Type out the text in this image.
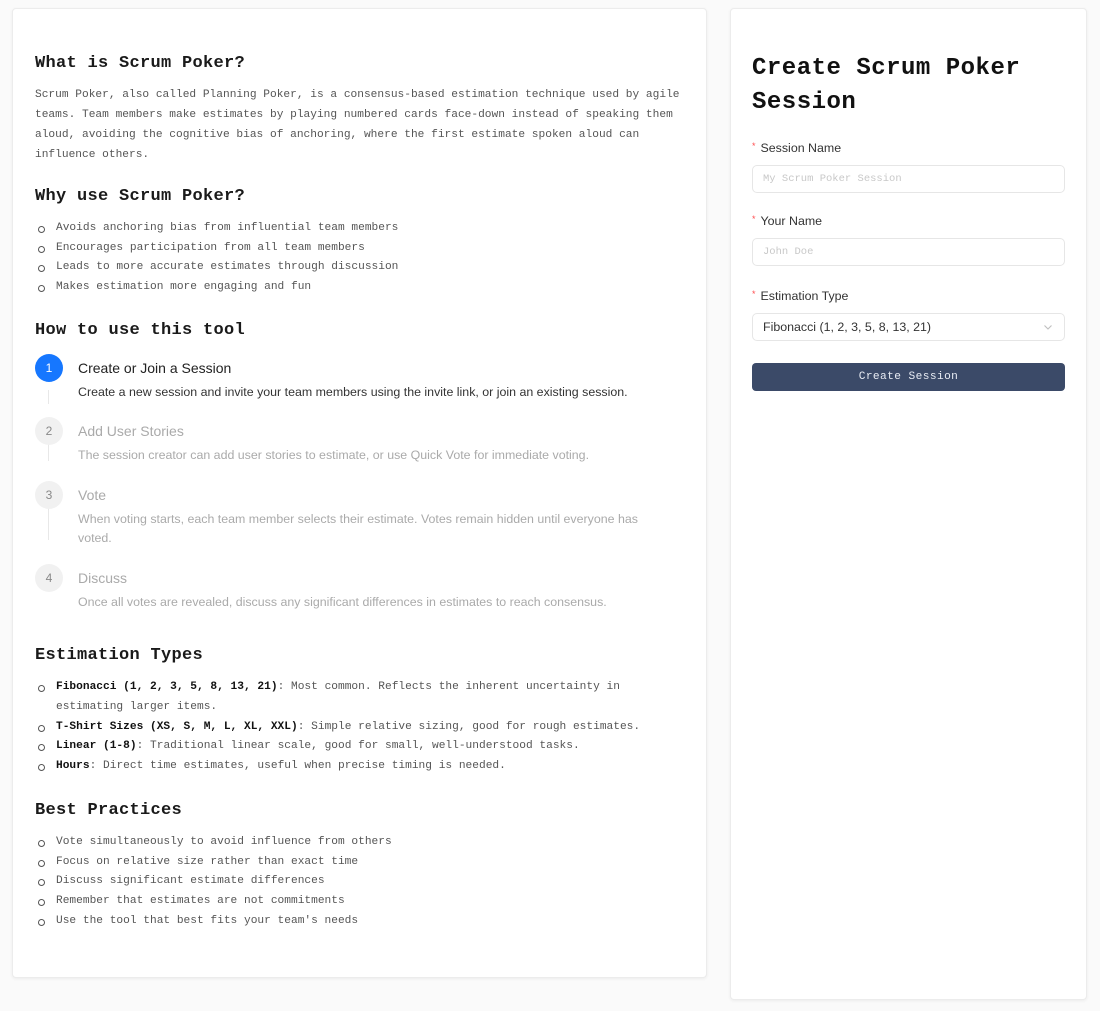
What is Scrum Poker?

Scrum Poker, also called Planning Poker, is a consensus-based estimation technique used by agile teams. Team members make estimates by playing numbered cards face-down instead of speaking them aloud, avoiding the cognitive bias of anchoring, where the first estimate spoken aloud can influence others.

Why use Scrum Poker?
Avoids anchoring bias from influential team members
Encourages participation from all team members
Leads to more accurate estimates through discussion
Makes estimation more engaging and fun
How to use this tool
1	Create or Join a Session
Create a new session and invite your team members using the invite link, or join an existing session.
2	Add User Stories
The session creator can add user stories to estimate, or use Quick Vote for immediate voting.
3	Vote
When voting starts, each team member selects their estimate. Votes remain hidden until everyone has voted.
4	Discuss
Once all votes are revealed, discuss any significant differences in estimates to reach consensus.
Estimation Types
Fibonacci (1, 2, 3, 5, 8, 13, 21): Most common. Reflects the inherent uncertainty in estimating larger items.
T-Shirt Sizes (XS, S, M, L, XL, XXL): Simple relative sizing, good for rough estimates.
Linear (1-8): Traditional linear scale, good for small, well-understood tasks.
Hours: Direct time estimates, useful when precise timing is needed.
Best Practices
Vote simultaneously to avoid influence from others
Focus on relative size rather than exact time
Discuss significant estimate differences
Remember that estimates are not commitments
Use the tool that best fits your team's needs
Create Scrum Poker Session
* Session Name
My Scrum Poker Session
* Your Name
John Doe
* Estimation Type
Fibonacci (1, 2, 3, 5, 8, 13, 21)
Create Session
